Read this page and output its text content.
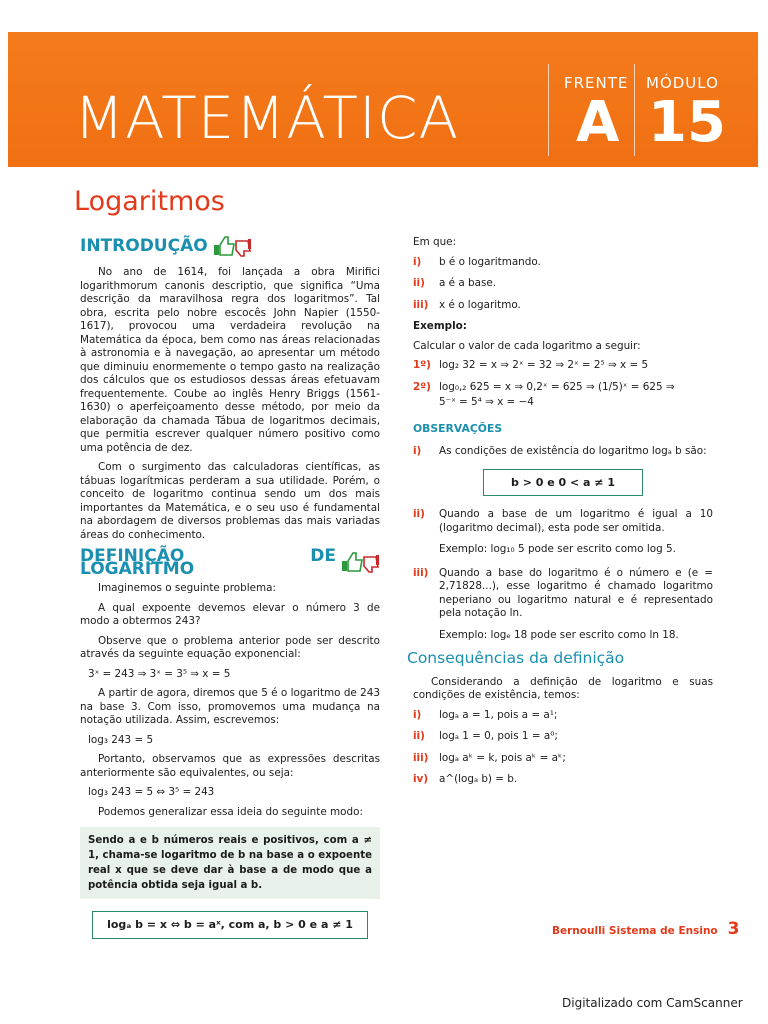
MATEMÁTICA
FRENTE
A
MÓDULO
15
Logaritmos
INTRODUÇÃO

No ano de 1614, foi lançada a obra Mirifici logarithmorum canonis descriptio, que significa “Uma descrição da maravilhosa regra dos logaritmos”. Tal obra, escrita pelo nobre escocês John Napier (1550-1617), provocou uma verdadeira revolução na Matemática da época, bem como nas áreas relacionadas à astronomia e à navegação, ao apresentar um método que diminuiu enormemente o tempo gasto na realização dos cálculos que os estudiosos dessas áreas efetuavam frequentemente. Coube ao inglês Henry Briggs (1561-1630) o aperfeiçoamento desse método, por meio da elaboração da chamada Tábua de logaritmos decimais, que permitia escrever qualquer número positivo como uma potência de dez.

Com o surgimento das calculadoras científicas, as tábuas logarítmicas perderam a sua utilidade. Porém, o conceito de logaritmo continua sendo um dos mais importantes da Matemática, e o seu uso é fundamental na abordagem de diversos problemas das mais variadas áreas do conhecimento.

DEFINIÇÃO DE LOGARITMO

Imaginemos o seguinte problema:

A qual expoente devemos elevar o número 3 de modo a obtermos 243?

Observe que o problema anterior pode ser descrito através da seguinte equação exponencial:

3ˣ = 243 ⇒ 3ˣ = 3⁵ ⇒ x = 5

A partir de agora, diremos que 5 é o logaritmo de 243 na base 3. Com isso, promovemos uma mudança na notação utilizada. Assim, escrevemos:

log₃ 243 = 5

Portanto, observamos que as expressões descritas anteriormente são equivalentes, ou seja:

log₃ 243 = 5 ⇔ 3⁵ = 243

Podemos generalizar essa ideia do seguinte modo:

Sendo a e b números reais e positivos, com a ≠ 1, chama-se logaritmo de b na base a o expoente real x que se deve dar à base a de modo que a potência obtida seja igual a b.
logₐ b = x ⇔ b = aˣ, com a, b > 0 e a ≠ 1

Em que:

i)	b é o logaritmando.
ii)	a é a base.
iii)	x é o logaritmo.

Exemplo:

Calcular o valor de cada logaritmo a seguir:

1º) log₂ 32 = x ⇒ 2ˣ = 32 ⇒ 2ˣ = 2⁵ ⇒ x = 5
2º) log₀,₂ 625 = x ⇒ 0,2ˣ = 625 ⇒ (1/5)ˣ = 625 ⇒
5⁻ˣ = 5⁴ ⇒ x = −4
OBSERVAÇÕES
i)	As condições de existência do logaritmo logₐ b são:
b > 0 e 0 < a ≠ 1
ii)	Quando a base de um logaritmo é igual a 10 (logaritmo decimal), esta pode ser omitida.
Exemplo: log₁₀ 5 pode ser escrito como log 5.
iii)	Quando a base do logaritmo é o número e (e = 2,71828...), esse logaritmo é chamado logaritmo neperiano ou logaritmo natural e é representado pela notação ln.
Exemplo: logₑ 18 pode ser escrito como ln 18.
Consequências da definição

Considerando a definição de logaritmo e suas condições de existência, temos:

i)	logₐ a = 1, pois a = a¹;
ii)	logₐ 1 = 0, pois 1 = a⁰;
iii)	logₐ aᵏ = k, pois aᵏ = aᵏ;
iv)	a^(logₐ b) = b.
Bernoulli Sistema de Ensino 3
Digitalizado com CamScanner
